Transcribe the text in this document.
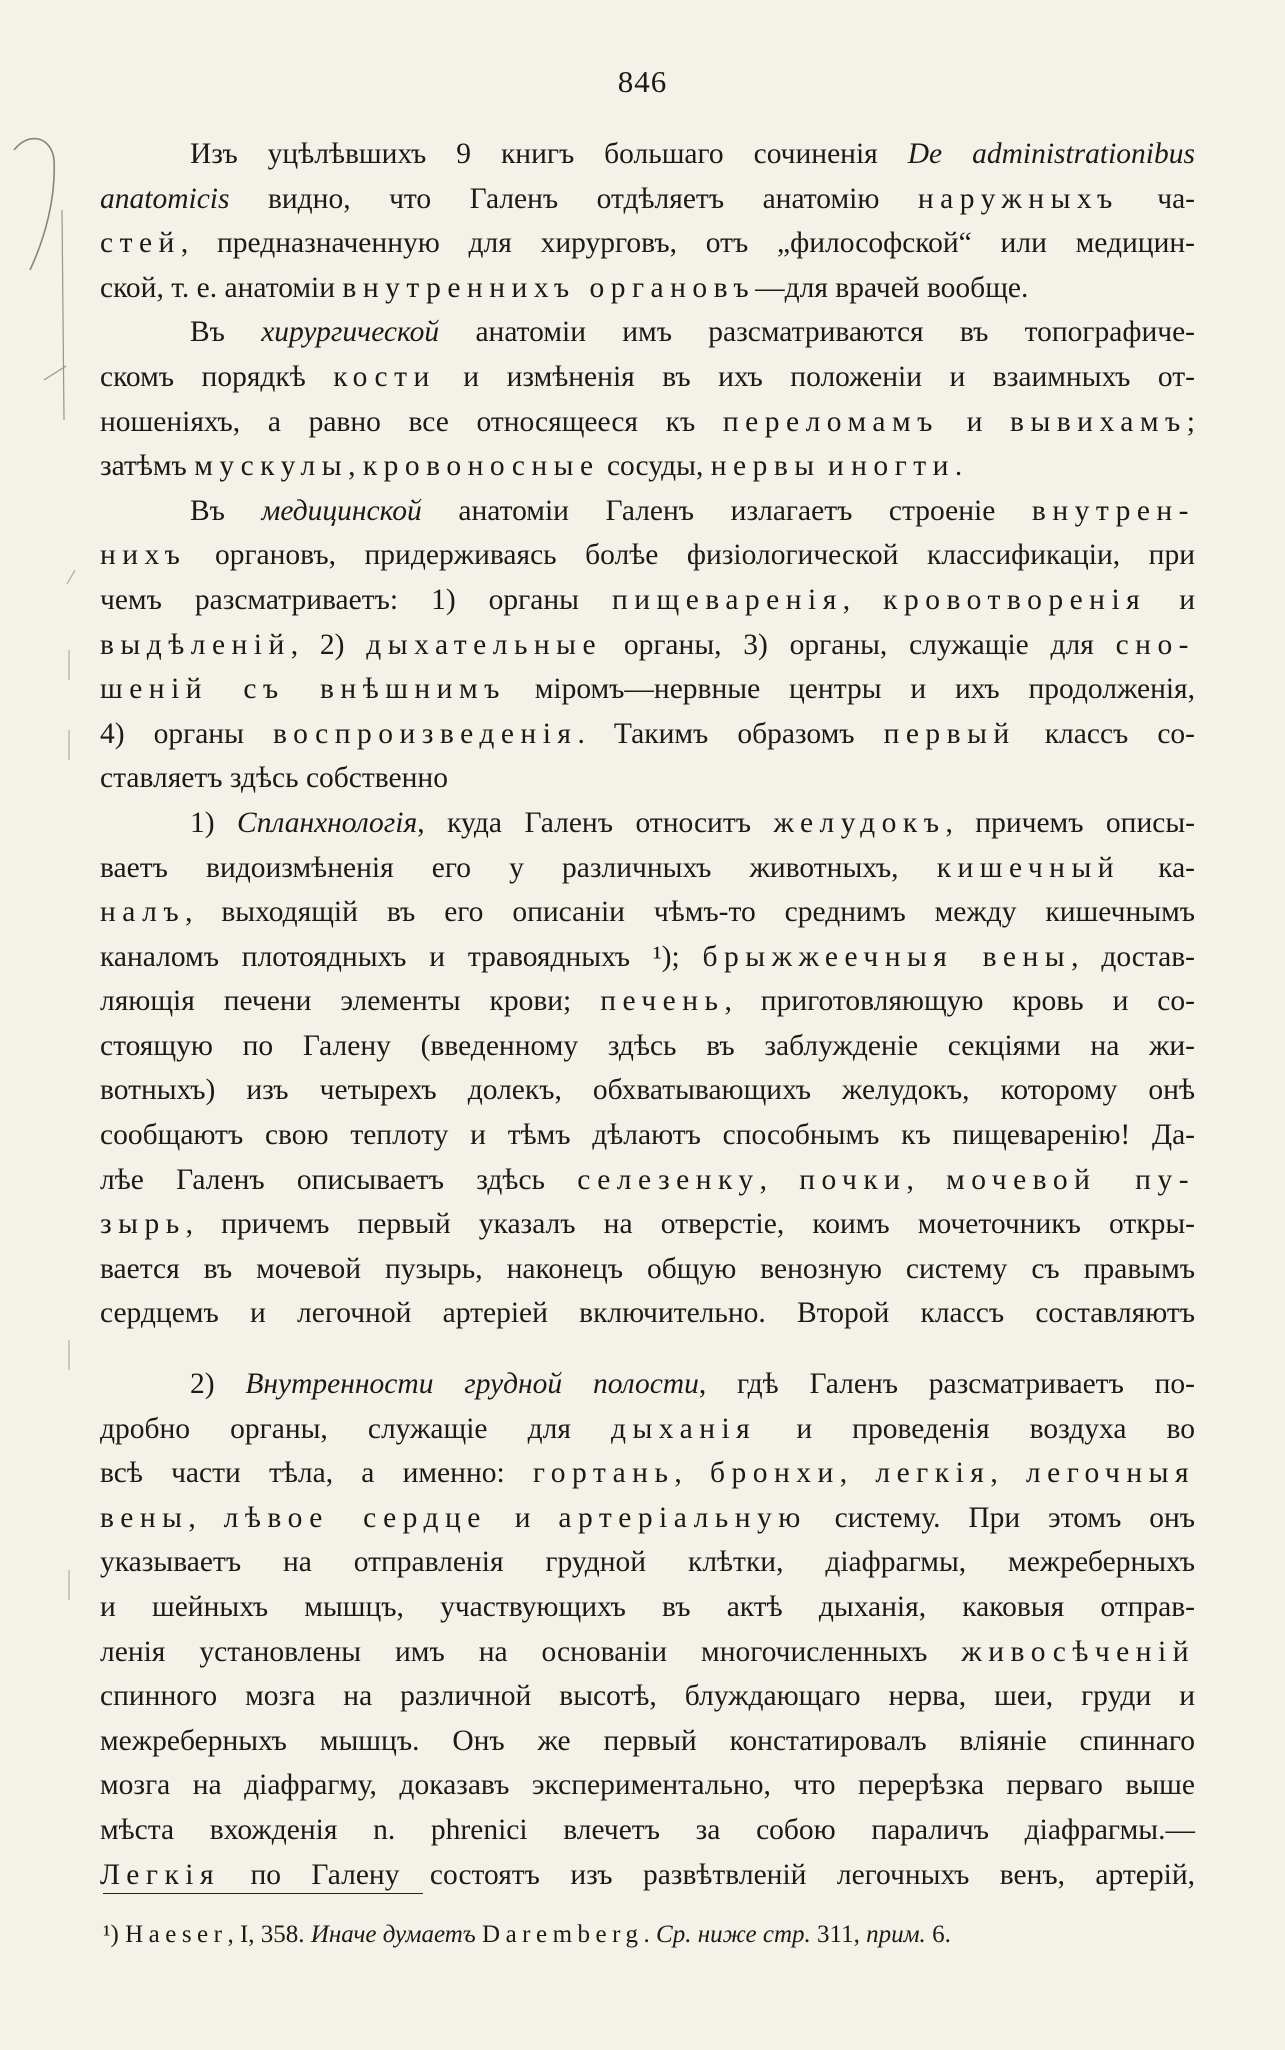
846
Изъ уцѣлѣвшихъ 9 книгъ большаго сочиненія De administrationibus
anatomicis видно, что Галенъ отдѣляетъ анатомію наружныхъ ча-
стей, предназначенную для хирурговъ, отъ „философской“ или медицин-
ской, т. е. анатоміи внутреннихъ органовъ—для врачей вообще.
Въ хирургической анатоміи имъ разсматриваются въ топографиче-
скомъ порядкѣ кости и измѣненія въ ихъ положеніи и взаимныхъ от-
ношеніяхъ, а равно все относящееся къ переломамъ и вывихамъ;
затѣмъ мускулы, кровоносные сосуды, нервы и ногти.
Въ медицинской анатоміи Галенъ излагаетъ строеніе внутрен-
нихъ органовъ, придерживаясь болѣе физіологической классификаціи, при
чемъ разсматриваетъ: 1) органы пищеваренія, кровотворенія и
выдѣленій, 2) дыхательные органы, 3) органы, служащіе для сно-
шеній съ внѣшнимъ міромъ—нервные центры и ихъ продолженія,
4) органы воспроизведенія. Такимъ образомъ первый классъ со-
ставляетъ здѣсь собственно
1) Спланхнологія, куда Галенъ относитъ желудокъ, причемъ описы-
ваетъ видоизмѣненія его у различныхъ животныхъ, кишечный ка-
налъ, выходящій въ его описаніи чѣмъ-то среднимъ между кишечнымъ
каналомъ плотоядныхъ и травоядныхъ ¹); брыжжеечныя вены, достав-
ляющія печени элементы крови; печень, приготовляющую кровь и со-
стоящую по Галену (введенному здѣсь въ заблужденіе секціями на жи-
вотныхъ) изъ четырехъ долекъ, обхватывающихъ желудокъ, которому онѣ
сообщаютъ свою теплоту и тѣмъ дѣлаютъ способнымъ къ пищеваренію! Да-
лѣе Галенъ описываетъ здѣсь селезенку, почки, мочевой пу-
зырь, причемъ первый указалъ на отверстіе, коимъ мочеточникъ откры-
вается въ мочевой пузырь, наконецъ общую венозную систему съ правымъ
сердцемъ и легочной артеріей включительно. Второй классъ составляютъ
2) Внутренности грудной полости, гдѣ Галенъ разсматриваетъ по-
дробно органы, служащіе для дыханія и проведенія воздуха во
всѣ части тѣла, а именно: гортань, бронхи, легкія, легочныя
вены, лѣвое сердце и артеріальную систему. При этомъ онъ
указываетъ на отправленія грудной клѣтки, діафрагмы, межреберныхъ
и шейныхъ мышцъ, участвующихъ въ актѣ дыханія, каковыя отправ-
ленія установлены имъ на основаніи многочисленныхъ живосѣченій
спинного мозга на различной высотѣ, блуждающаго нерва, шеи, груди и
межреберныхъ мышцъ. Онъ же первый констатировалъ вліяніе спиннаго
мозга на діафрагму, доказавъ экспериментально, что перерѣзка перваго выше
мѣста вхожденія n. phrenici влечетъ за собою параличъ діафрагмы.—
Легкія по Галену состоятъ изъ развѣтвленій легочныхъ венъ, артерій,
¹) Haeser, I, 358. Иначе думаетъ Daremberg. Ср. ниже стр. 311, прим. 6.
